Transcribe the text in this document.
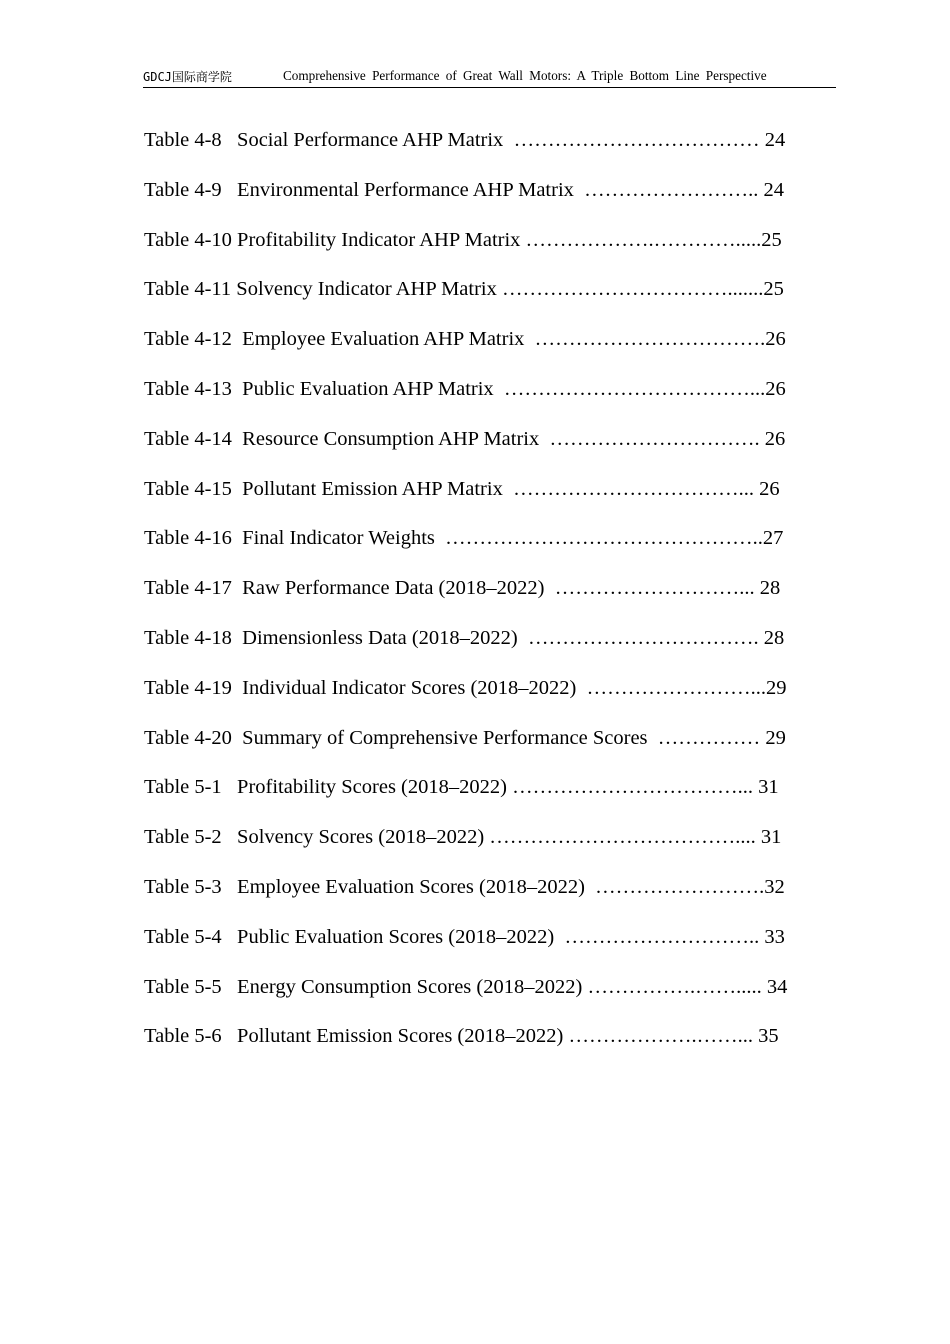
GDCJ国际商学院	Comprehensive Performance of Great Wall Motors: A Triple Bottom Line Perspective
Table 4-8   Social Performance AHP Matrix  ……………………………… 24
Table 4-9   Environmental Performance AHP Matrix  …………………….. 24
Table 4-10 Profitability Indicator AHP Matrix ……………….………….....25
Table 4-11 Solvency Indicator AHP Matrix …………………………….......25
Table 4-12  Employee Evaluation AHP Matrix  …………………………….26
Table 4-13  Public Evaluation AHP Matrix  ………………………………...26
Table 4-14  Resource Consumption AHP Matrix  …………………………. 26
Table 4-15  Pollutant Emission AHP Matrix  ……………………………... 26
Table 4-16  Final Indicator Weights  ………………………………………..27
Table 4-17  Raw Performance Data (2018–2022)  ………………………... 28
Table 4-18  Dimensionless Data (2018–2022)  ……………………………. 28
Table 4-19  Individual Indicator Scores (2018–2022)  ……………………...29
Table 4-20  Summary of Comprehensive Performance Scores  …………… 29
Table 5-1   Profitability Scores (2018–2022) ……………………………... 31
Table 5-2   Solvency Scores (2018–2022) ……………………………….... 31
Table 5-3   Employee Evaluation Scores (2018–2022)  …………………….32
Table 5-4   Public Evaluation Scores (2018–2022)  ……………………….. 33
Table 5-5   Energy Consumption Scores (2018–2022) …………….……..... 34
Table 5-6   Pollutant Emission Scores (2018–2022) ……………….……... 35
